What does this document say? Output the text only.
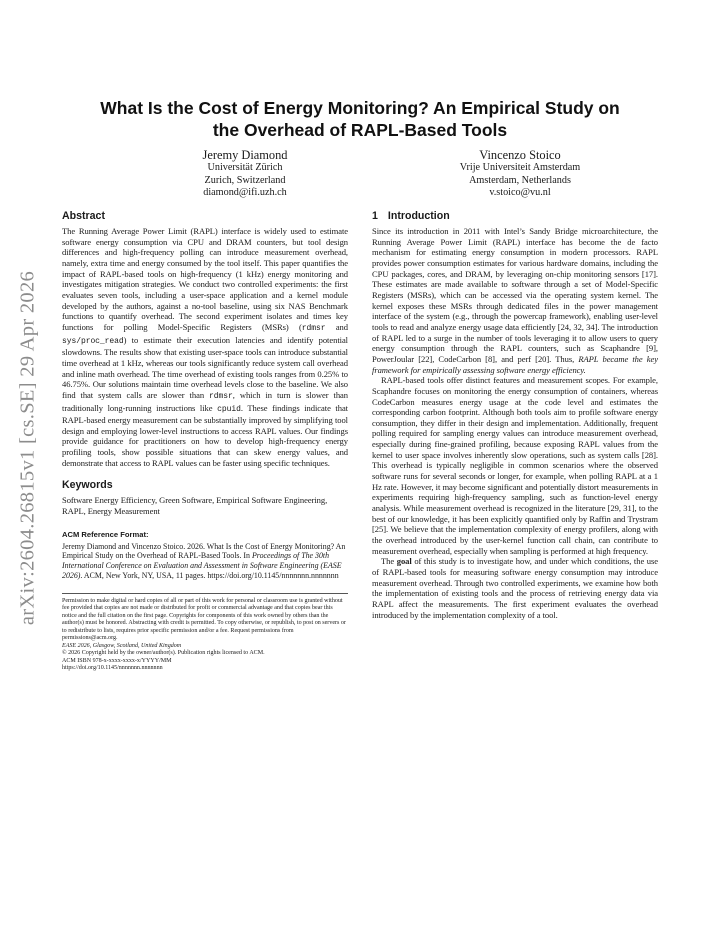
arXiv:2604.26815v1 [cs.SE] 29 Apr 2026
What Is the Cost of Energy Monitoring? An Empirical Study on
the Overhead of RAPL-Based Tools
Jeremy Diamond
Universität Zürich
Zurich, Switzerland
diamond@ifi.uzh.ch
Vincenzo Stoico
Vrije Universiteit Amsterdam
Amsterdam, Netherlands
v.stoico@vu.nl
Abstract

The Running Average Power Limit (RAPL) interface is widely used to estimate software energy consumption via CPU and DRAM counters, but tool design differences and high-frequency polling can introduce measurement overhead, namely, extra time and energy consumed by the tool itself. This paper quantifies the impact of RAPL-based tools on high-frequency (1 kHz) energy monitoring and investigates mitigation strategies. We conduct two controlled experiments: the first evaluates seven tools, including a user-space application and a kernel module developed by the authors, against a no-tool baseline, using six NAS Benchmark functions to quantify overhead. The second experiment isolates and times key functions for polling Model-Specific Registers (MSRs) (rdmsr and sys/proc_read) to estimate their execution latencies and identify potential slowdowns. The results show that existing user-space tools can introduce substantial time overhead at 1 kHz, whereas our tools significantly reduce system call overhead and inline math overhead. The time overhead of existing tools ranges from 0.25% to 46.75%. Our solutions maintain time overhead levels close to the baseline. We also find that system calls are slower than rdmsr, which in turn is slower than traditionally long-running instructions like cpuid. These findings indicate that RAPL-based energy measurement can be substantially improved by simplifying tool design and employing lower-level instructions to access RAPL values. Our findings provide guidance for practitioners on how to develop high-frequency energy profiling tools, show possible situations that can skew energy values, and demonstrate that access to RAPL values can be faster using specific techniques.

Keywords

Software Energy Efficiency, Green Software, Empirical Software Engineering, RAPL, Energy Measurement

ACM Reference Format:

Jeremy Diamond and Vincenzo Stoico. 2026. What Is the Cost of Energy Monitoring? An Empirical Study on the Overhead of RAPL-Based Tools. In Proceedings of The 30th International Conference on Evaluation and Assessment in Software Engineering (EASE 2026). ACM, New York, NY, USA, 11 pages. https://doi.org/10.1145/nnnnnnn.nnnnnnn

Permission to make digital or hard copies of all or part of this work for personal or classroom use is granted without fee provided that copies are not made or distributed for profit or commercial advantage and that copies bear this notice and the full citation on the first page. Copyrights for components of this work owned by others than the author(s) must be honored. Abstracting with credit is permitted. To copy otherwise, or republish, to post on servers or to redistribute to lists, requires prior specific permission and/or a fee. Request permissions from permissions@acm.org.

EASE 2026, Glasgow, Scotland, United Kingdom

© 2026 Copyright held by the owner/author(s). Publication rights licensed to ACM.

ACM ISBN 978-x-xxxx-xxxx-x/YYYY/MM

https://doi.org/10.1145/nnnnnnn.nnnnnnn

1 Introduction

Since its introduction in 2011 with Intel’s Sandy Bridge microarchitecture, the Running Average Power Limit (RAPL) interface has become the de facto mechanism for estimating energy consumption in modern processors. RAPL provides power consumption estimates for various hardware domains, including the CPU packages, cores, and DRAM, by leveraging on-chip monitoring sensors [17]. These estimates are made available to software through a set of Model-Specific Registers (MSRs), which can be accessed via the operating system kernel. The kernel exposes these MSRs through dedicated files in the power management interface of the system (e.g., through the powercap framework), enabling user-level tools to read and analyze energy usage data efficiently [24, 32, 34]. The introduction of RAPL led to a surge in the number of tools leveraging it to allow users to query energy consumption through the RAPL counters, such as Scaphandre [9], PowerJoular [22], CodeCarbon [8], and perf [20]. Thus, RAPL became the key framework for empirically assessing software energy efficiency.

RAPL-based tools offer distinct features and measurement scopes. For example, Scaphandre focuses on monitoring the energy consumption of containers, whereas CodeCarbon measures energy usage at the code level and estimates the corresponding carbon footprint. Although both tools aim to profile software energy consumption, they differ in their design and implementation. Additionally, frequent polling required for sampling energy values can introduce measurement overhead, especially during fine-grained profiling, because exposing RAPL values from the kernel to user space involves inherently slow operations, such as system calls [28]. This overhead is typically negligible in common scenarios where the observed software runs for several seconds or longer, for example, when polling RAPL at a 1 Hz rate. However, it may become significant and potentially distort measurements in experiments requiring high-frequency sampling, such as function-level energy analysis. While measurement overhead is recognized in the literature [29, 31], to the best of our knowledge, it has been explicitly quantified only by Raffin and Trystram [25]. We believe that the implementation complexity of energy profilers, along with the overhead introduced by the user-kernel function call chain, can contribute to measurement overhead, especially when sampling is performed at high frequency.

The goal of this study is to investigate how, and under which conditions, the use of RAPL-based tools for measuring software energy consumption may introduce measurement overhead. Through two controlled experiments, we examine how both the implementation of existing tools and the process of retrieving energy data via RAPL affect the measurements. The first experiment evaluates the overhead introduced by the implementation complexity of a tool.
